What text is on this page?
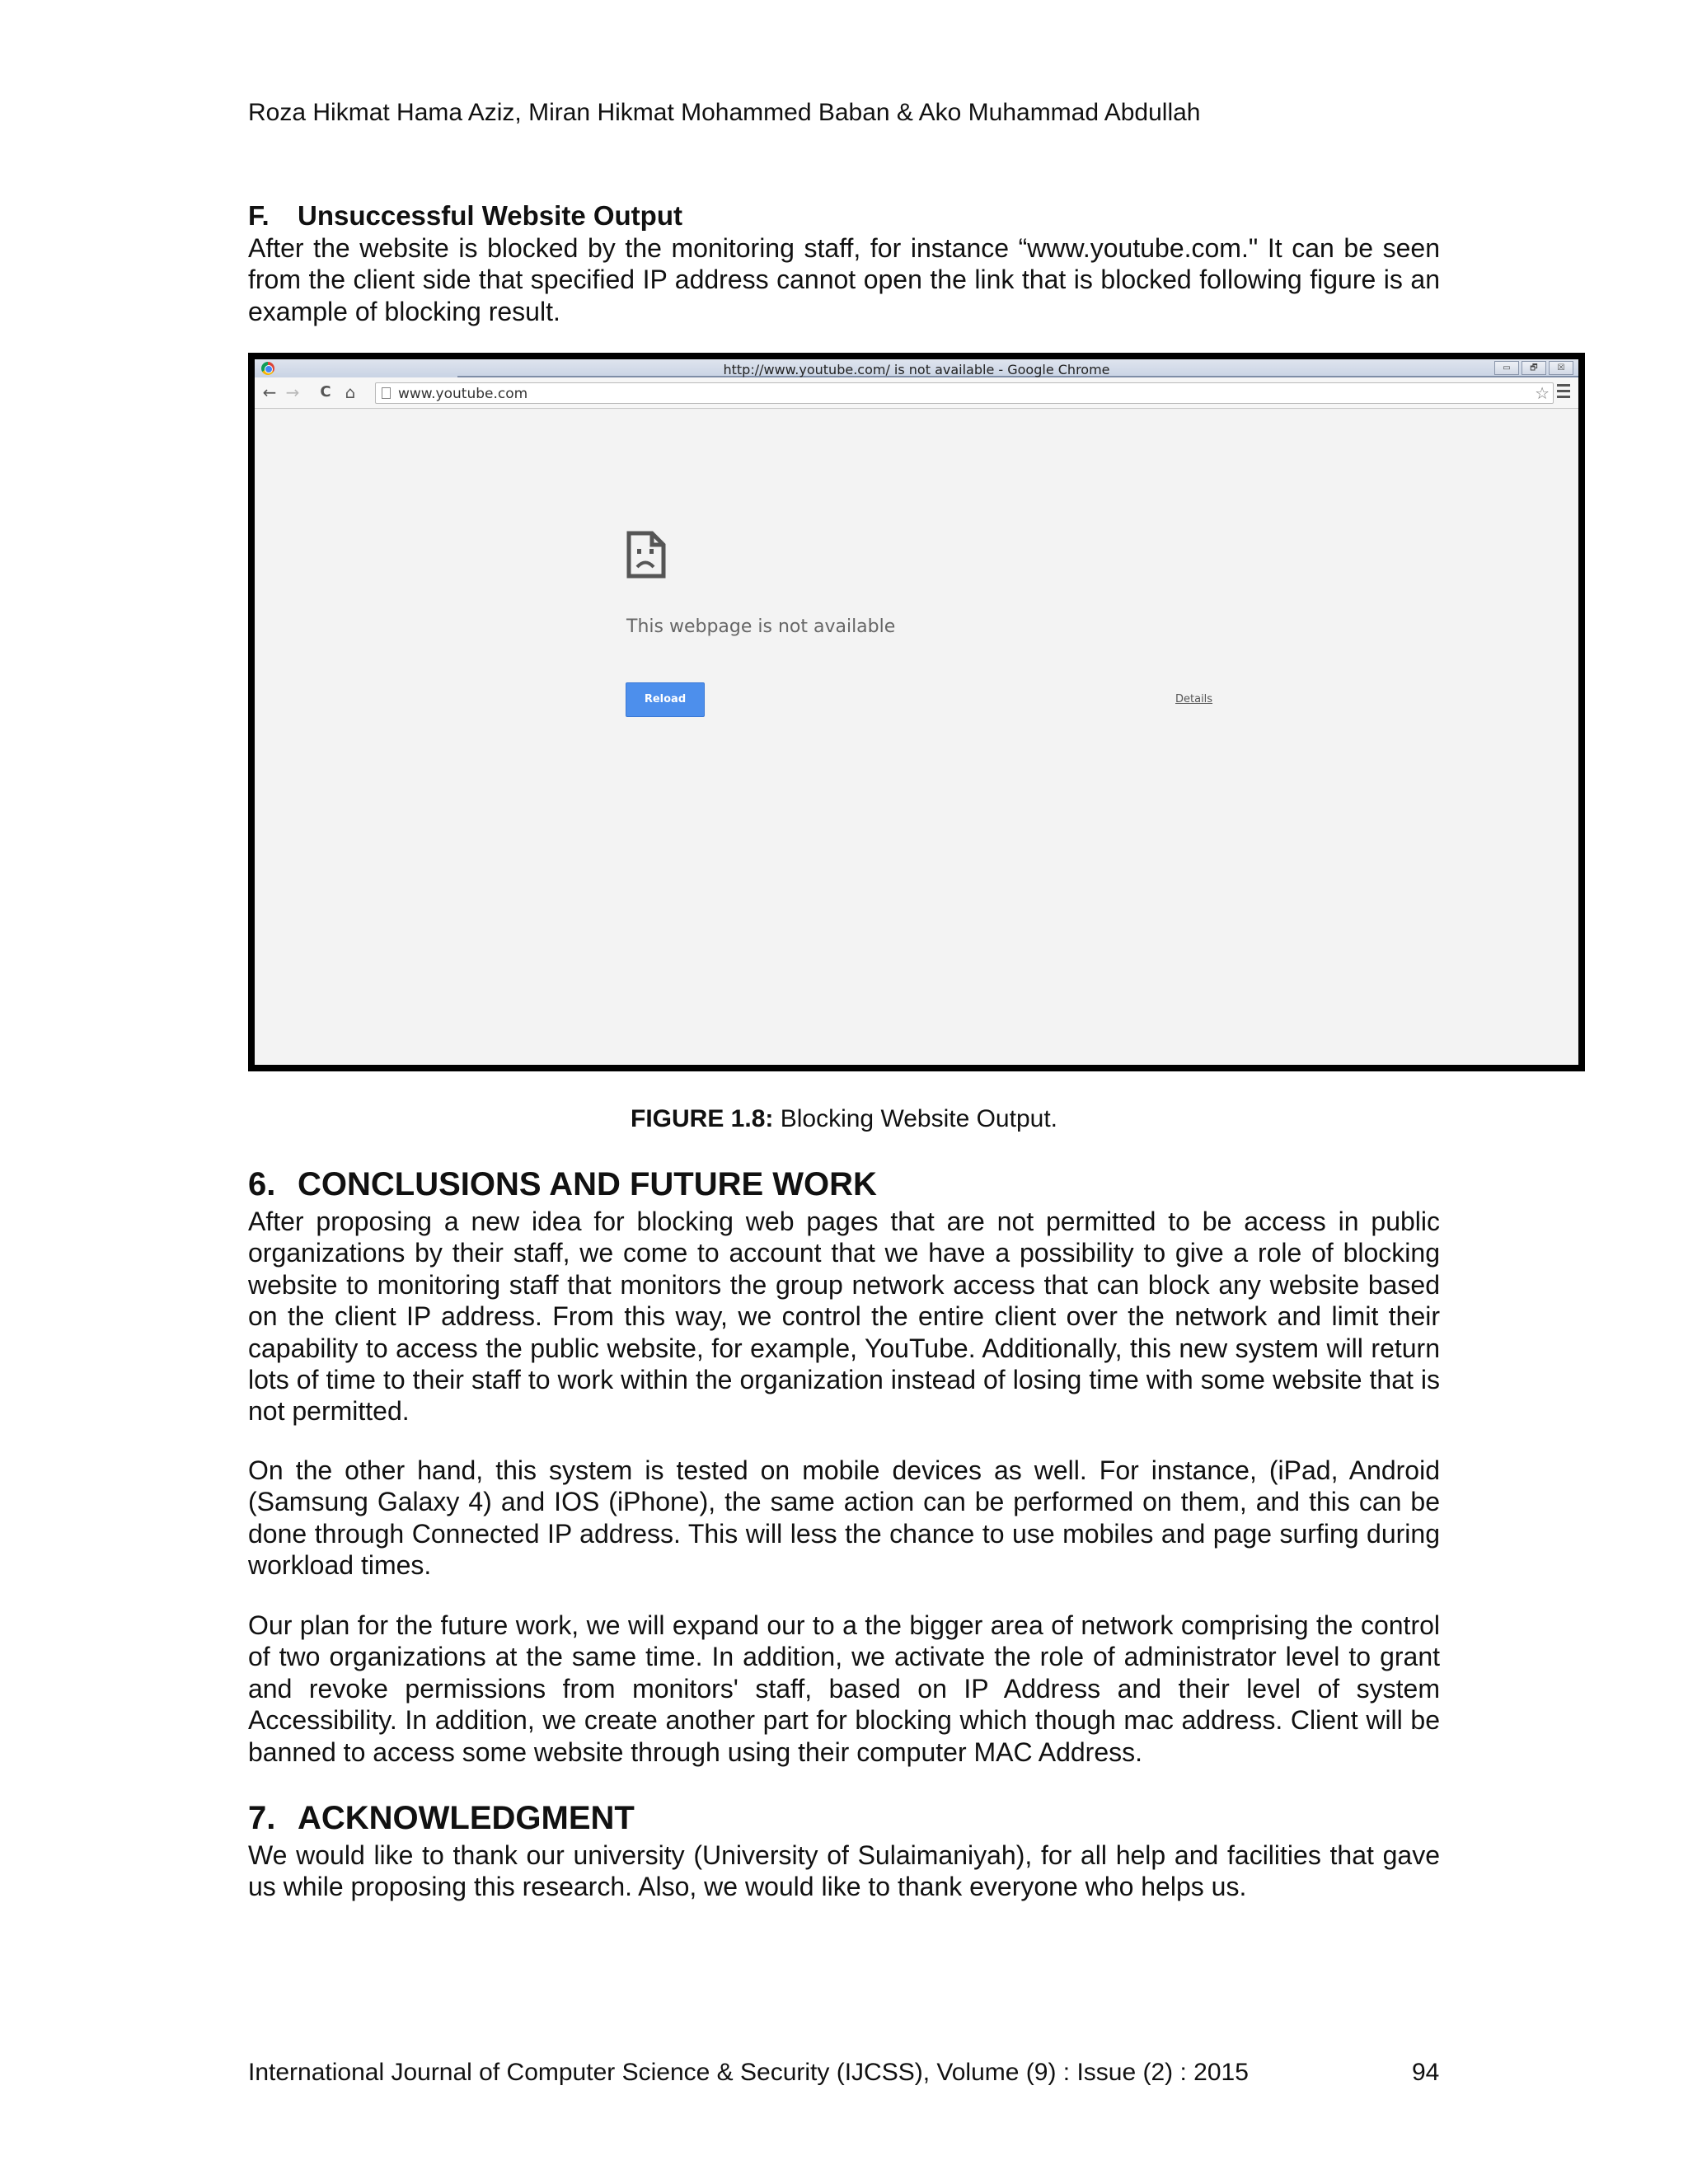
Roza Hikmat Hama Aziz, Miran Hikmat Mohammed Baban & Ako Muhammad Abdullah
F. Unsuccessful Website Output

After the website is blocked by the monitoring staff, for instance “www.youtube.com." It can be seen from the client side that specified IP address cannot open the link that is blocked following figure is an example of blocking result.

http://www.youtube.com/ is not available - Google Chrome	▭	🗗	☒
← → C ⌂	www.youtube.com	☆
This webpage is not available
Reload	Details
FIGURE 1.8: Blocking Website Output.
6. CONCLUSIONS AND FUTURE WORK

After proposing a new idea for blocking web pages that are not permitted to be access in public organizations by their staff, we come to account that we have a possibility to give a role of blocking website to monitoring staff that monitors the group network access that can block any website based on the client IP address. From this way, we control the entire client over the network and limit their capability to access the public website, for example, YouTube. Additionally, this new system will return lots of time to their staff to work within the organization instead of losing time with some website that is not permitted.

On the other hand, this system is tested on mobile devices as well. For instance, (iPad, Android (Samsung Galaxy 4) and IOS (iPhone), the same action can be performed on them, and this can be done through Connected IP address. This will less the chance to use mobiles and page surfing during workload times.

Our plan for the future work, we will expand our to a the bigger area of network comprising the control of two organizations at the same time. In addition, we activate the role of administrator level to grant and revoke permissions from monitors' staff, based on IP Address and their level of system Accessibility. In addition, we create another part for blocking which though mac address. Client will be banned to access some website through using their computer MAC Address.

7. ACKNOWLEDGMENT

We would like to thank our university (University of Sulaimaniyah), for all help and facilities that gave us while proposing this research. Also, we would like to thank everyone who helps us.

International Journal of Computer Science & Security (IJCSS), Volume (9) : Issue (2) : 2015	94
